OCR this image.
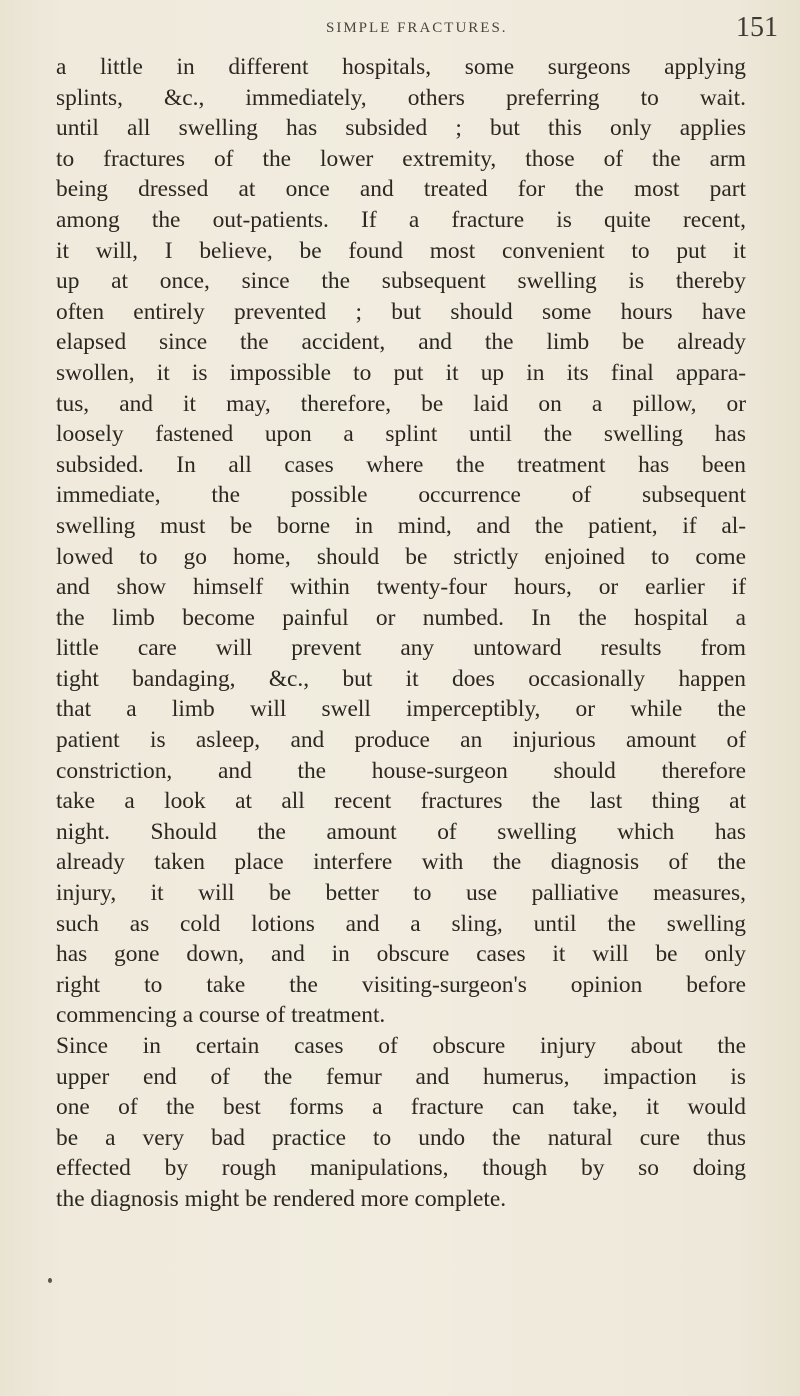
SIMPLE FRACTURES.	151
a little in different hospitals, some surgeons applying
splints, &c., immediately, others preferring to wait.
until all swelling has subsided ; but this only applies
to fractures of the lower extremity, those of the arm
being dressed at once and treated for the most part
among the out-patients. If a fracture is quite recent,
it will, I believe, be found most convenient to put it
up at once, since the subsequent swelling is thereby
often entirely prevented ; but should some hours have
elapsed since the accident, and the limb be already
swollen, it is impossible to put it up in its final appara-
tus, and it may, therefore, be laid on a pillow, or
loosely fastened upon a splint until the swelling has
subsided. In all cases where the treatment has been
immediate, the possible occurrence of subsequent
swelling must be borne in mind, and the patient, if al-
lowed to go home, should be strictly enjoined to come
and show himself within twenty-four hours, or earlier if
the limb become painful or numbed. In the hospital a
little care will prevent any untoward results from
tight bandaging, &c., but it does occasionally happen
that a limb will swell imperceptibly, or while the
patient is asleep, and produce an injurious amount of
constriction, and the house-surgeon should therefore
take a look at all recent fractures the last thing at
night. Should the amount of swelling which has
already taken place interfere with the diagnosis of the
injury, it will be better to use palliative measures,
such as cold lotions and a sling, until the swelling
has gone down, and in obscure cases it will be only
right to take the visiting-surgeon's opinion before
commencing a course of treatment.
Since in certain cases of obscure injury about the
upper end of the femur and humerus, impaction is
one of the best forms a fracture can take, it would
be a very bad practice to undo the natural cure thus
effected by rough manipulations, though by so doing
the diagnosis might be rendered more complete.
